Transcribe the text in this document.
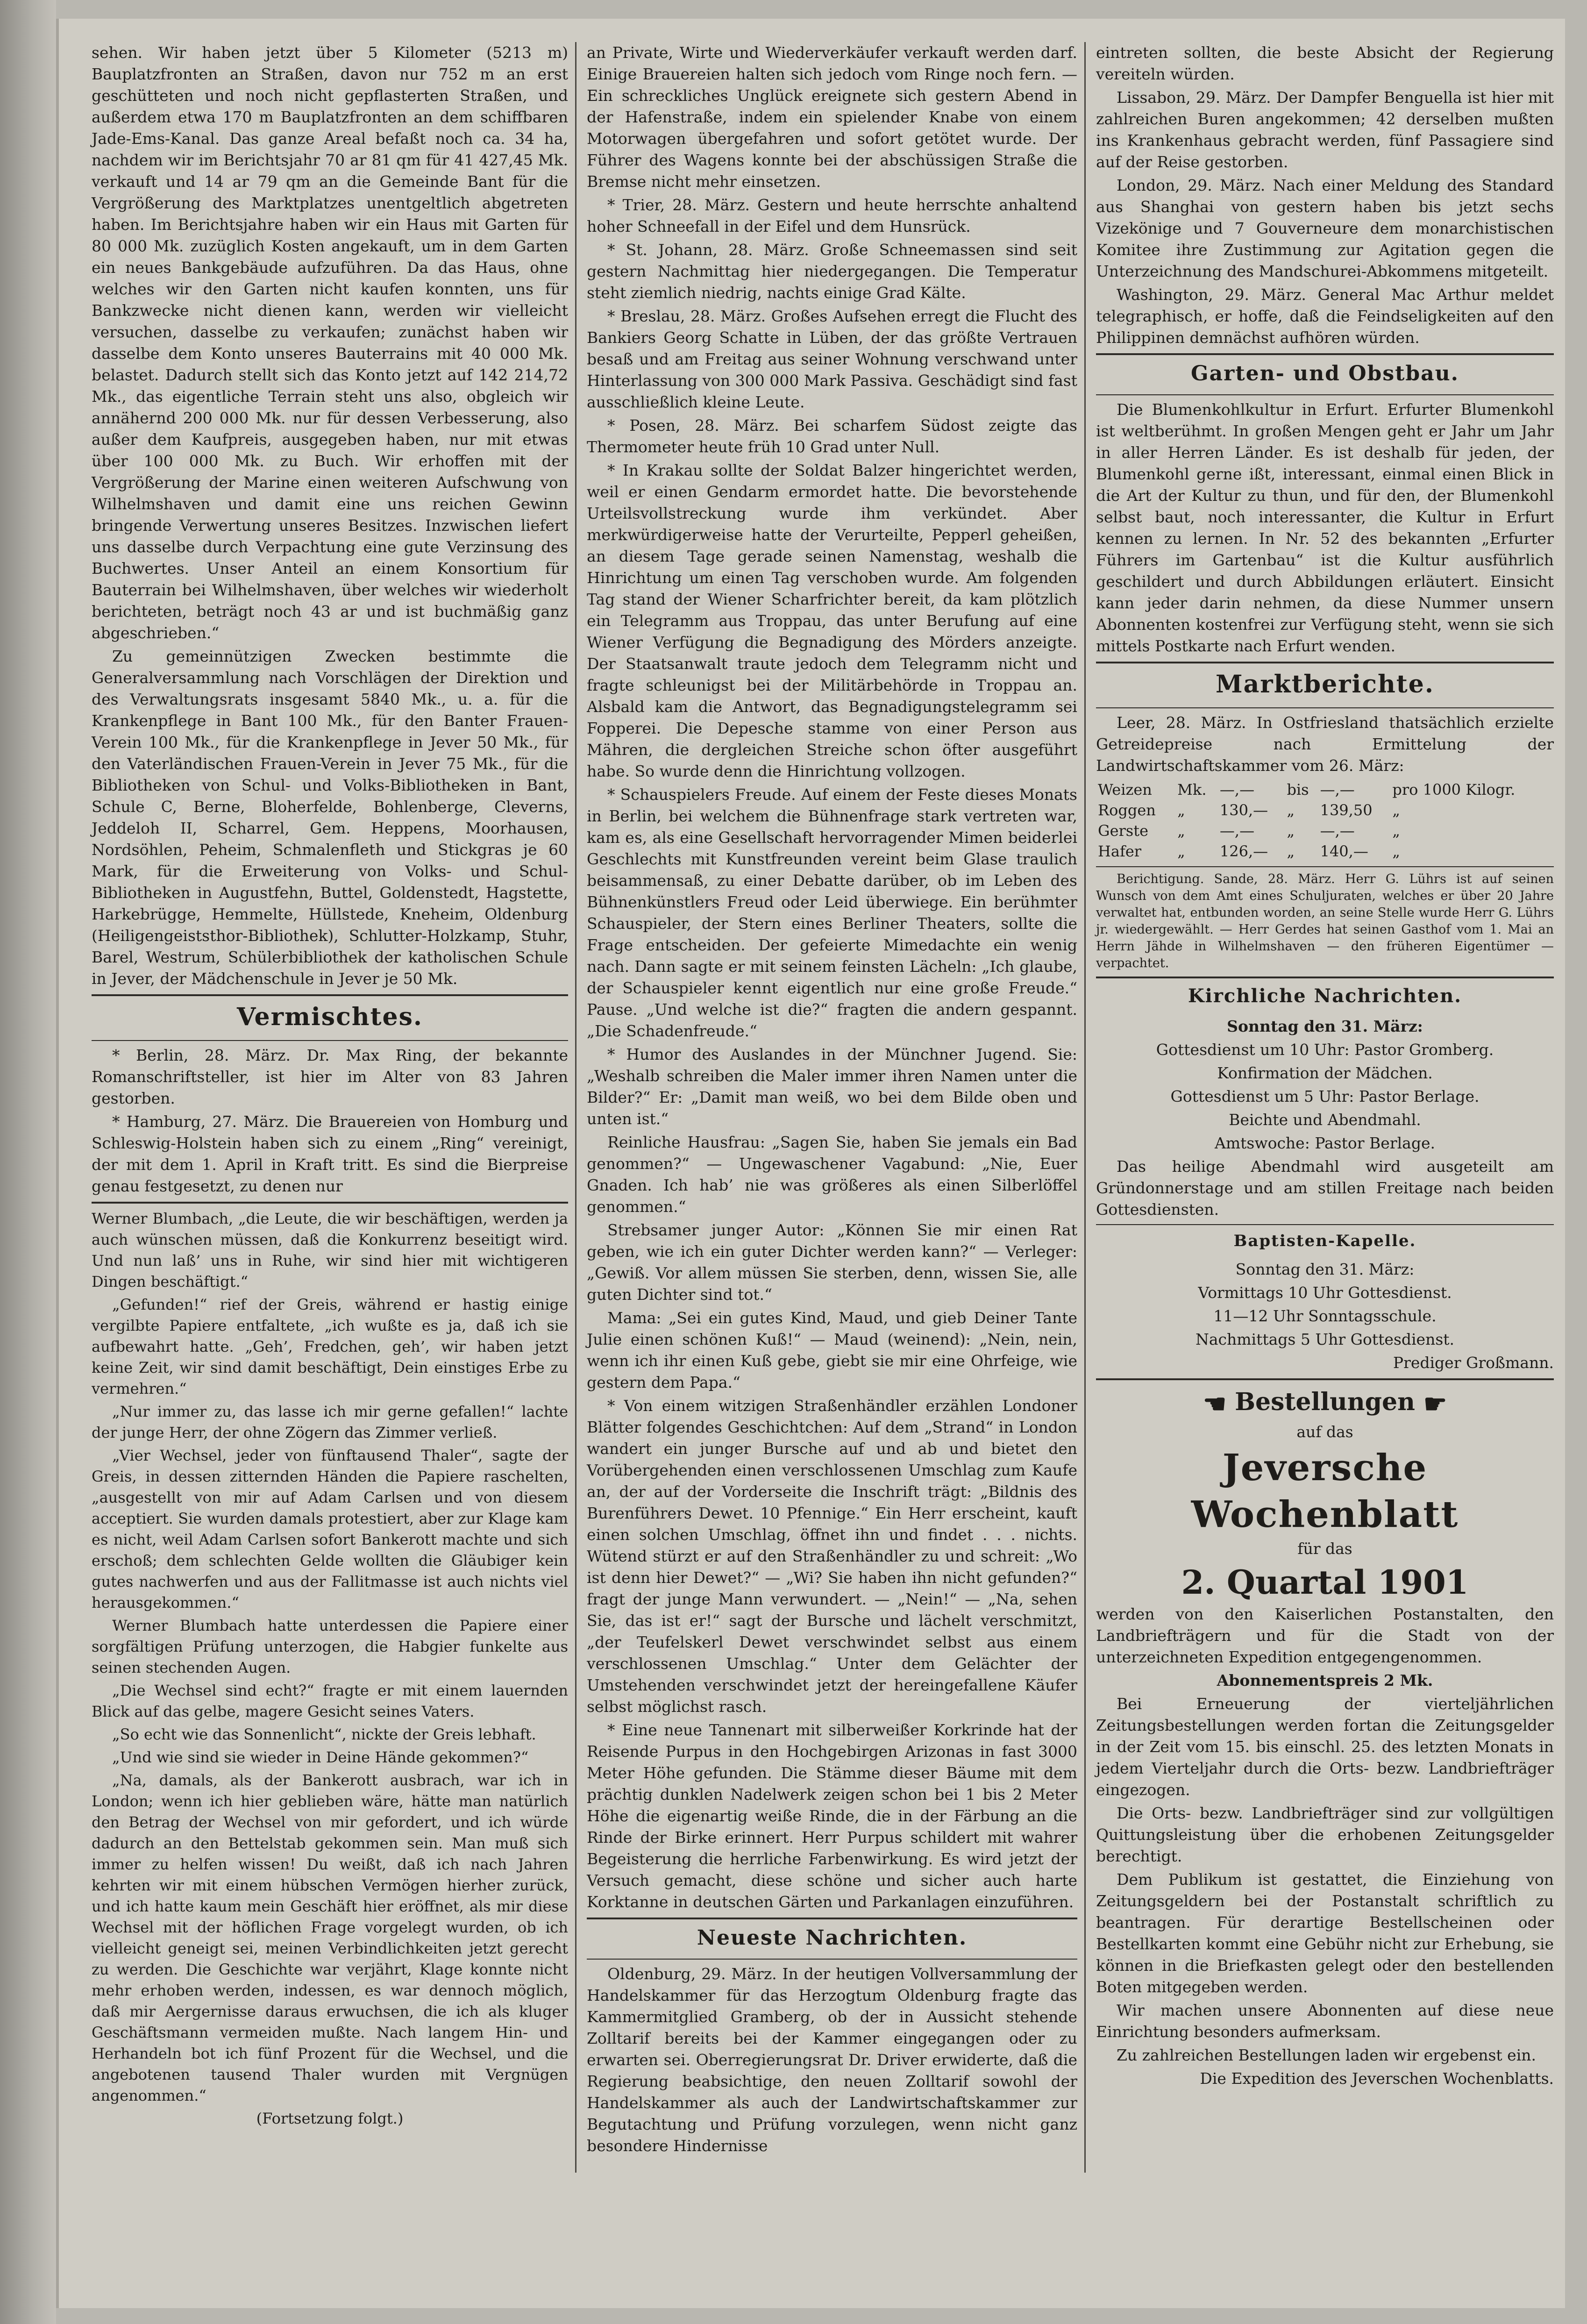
sehen. Wir haben jetzt über 5 Kilometer (5213 m) Bauplatzfronten an Straßen, davon nur 752 m an erst geschütteten und noch nicht gepflasterten Straßen, und außerdem etwa 170 m Bauplatzfronten an dem schiffbaren Jade-Ems-Kanal. Das ganze Areal befaßt noch ca. 34 ha, nachdem wir im Berichtsjahr 70 ar 81 qm für 41 427,45 Mk. verkauft und 14 ar 79 qm an die Gemeinde Bant für die Vergrößerung des Marktplatzes unentgeltlich abgetreten haben. Im Berichtsjahre haben wir ein Haus mit Garten für 80 000 Mk. zuzüglich Kosten angekauft, um in dem Garten ein neues Bankgebäude aufzuführen. Da das Haus, ohne welches wir den Garten nicht kaufen konnten, uns für Bankzwecke nicht dienen kann, werden wir vielleicht versuchen, dasselbe zu verkaufen; zunächst haben wir dasselbe dem Konto unseres Bauterrains mit 40 000 Mk. belastet. Dadurch stellt sich das Konto jetzt auf 142 214,72 Mk., das eigentliche Terrain steht uns also, obgleich wir annähernd 200 000 Mk. nur für dessen Verbesserung, also außer dem Kaufpreis, ausgegeben haben, nur mit etwas über 100 000 Mk. zu Buch. Wir erhoffen mit der Vergrößerung der Marine einen weiteren Aufschwung von Wilhelmshaven und damit eine uns reichen Gewinn bringende Verwertung unseres Besitzes. Inzwischen liefert uns dasselbe durch Verpachtung eine gute Verzinsung des Buchwertes. Unser Anteil an einem Konsortium für Bauterrain bei Wilhelmshaven, über welches wir wiederholt berichteten, beträgt noch 43 ar und ist buchmäßig ganz abgeschrieben.“

Zu gemeinnützigen Zwecken bestimmte die Generalversammlung nach Vorschlägen der Direktion und des Verwaltungsrats insgesamt 5840 Mk., u. a. für die Krankenpflege in Bant 100 Mk., für den Banter Frauen-Verein 100 Mk., für die Krankenpflege in Jever 50 Mk., für den Vaterländischen Frauen-Verein in Jever 75 Mk., für die Bibliotheken von Schul- und Volks-Bibliotheken in Bant, Schule C, Berne, Bloherfelde, Bohlenberge, Cleverns, Jeddeloh II, Scharrel, Gem. Heppens, Moorhausen, Nordsöhlen, Peheim, Schmalenfleth und Stickgras je 60 Mark, für die Erweiterung von Volks- und Schul-Bibliotheken in Augustfehn, Buttel, Goldenstedt, Hagstette, Harkebrügge, Hemmelte, Hüllstede, Kneheim, Oldenburg (Heiligengeiststhor-Bibliothek), Schlutter-Holzkamp, Stuhr, Barel, Westrum, Schülerbibliothek der katholischen Schule in Jever, der Mädchenschule in Jever je 50 Mk.

Vermischtes.

* Berlin, 28. März. Dr. Max Ring, der bekannte Romanschriftsteller, ist hier im Alter von 83 Jahren gestorben.

* Hamburg, 27. März. Die Brauereien von Homburg und Schleswig-Holstein haben sich zu einem „Ring“ vereinigt, der mit dem 1. April in Kraft tritt. Es sind die Bierpreise genau festgesetzt, zu denen nur

Werner Blumbach, „die Leute, die wir beschäftigen, werden ja auch wünschen müssen, daß die Konkurrenz beseitigt wird. Und nun laß’ uns in Ruhe, wir sind hier mit wichtigeren Dingen beschäftigt.“

„Gefunden!“ rief der Greis, während er hastig einige vergilbte Papiere entfaltete, „ich wußte es ja, daß ich sie aufbewahrt hatte. „Geh’, Fredchen, geh’, wir haben jetzt keine Zeit, wir sind damit beschäftigt, Dein einstiges Erbe zu vermehren.“

„Nur immer zu, das lasse ich mir gerne gefallen!“ lachte der junge Herr, der ohne Zögern das Zimmer verließ.

„Vier Wechsel, jeder von fünftausend Thaler“, sagte der Greis, in dessen zitternden Händen die Papiere raschelten, „ausgestellt von mir auf Adam Carlsen und von diesem acceptiert. Sie wurden damals protestiert, aber zur Klage kam es nicht, weil Adam Carlsen sofort Bankerott machte und sich erschoß; dem schlechten Gelde wollten die Gläubiger kein gutes nachwerfen und aus der Fallitmasse ist auch nichts viel herausgekommen.“

Werner Blumbach hatte unterdessen die Papiere einer sorgfältigen Prüfung unterzogen, die Habgier funkelte aus seinen stechenden Augen.

„Die Wechsel sind echt?“ fragte er mit einem lauernden Blick auf das gelbe, magere Gesicht seines Vaters.

„So echt wie das Sonnenlicht“, nickte der Greis lebhaft.

„Und wie sind sie wieder in Deine Hände gekommen?“

„Na, damals, als der Bankerott ausbrach, war ich in London; wenn ich hier geblieben wäre, hätte man natürlich den Betrag der Wechsel von mir gefordert, und ich würde dadurch an den Bettelstab gekommen sein. Man muß sich immer zu helfen wissen! Du weißt, daß ich nach Jahren kehrten wir mit einem hübschen Vermögen hierher zurück, und ich hatte kaum mein Geschäft hier eröffnet, als mir diese Wechsel mit der höflichen Frage vorgelegt wurden, ob ich vielleicht geneigt sei, meinen Verbindlichkeiten jetzt gerecht zu werden. Die Geschichte war verjährt, Klage konnte nicht mehr erhoben werden, indessen, es war dennoch möglich, daß mir Aergernisse daraus erwuchsen, die ich als kluger Geschäftsmann vermeiden mußte. Nach langem Hin- und Herhandeln bot ich fünf Prozent für die Wechsel, und die angebotenen tausend Thaler wurden mit Vergnügen angenommen.“

(Fortsetzung folgt.)

an Private, Wirte und Wiederverkäufer verkauft werden darf. Einige Brauereien halten sich jedoch vom Ringe noch fern. — Ein schreckliches Unglück ereignete sich gestern Abend in der Hafenstraße, indem ein spielender Knabe von einem Motorwagen übergefahren und sofort getötet wurde. Der Führer des Wagens konnte bei der abschüssigen Straße die Bremse nicht mehr einsetzen.

* Trier, 28. März. Gestern und heute herrschte anhaltend hoher Schneefall in der Eifel und dem Hunsrück.

* St. Johann, 28. März. Große Schneemassen sind seit gestern Nachmittag hier niedergegangen. Die Temperatur steht ziemlich niedrig, nachts einige Grad Kälte.

* Breslau, 28. März. Großes Aufsehen erregt die Flucht des Bankiers Georg Schatte in Lüben, der das größte Vertrauen besaß und am Freitag aus seiner Wohnung verschwand unter Hinterlassung von 300 000 Mark Passiva. Geschädigt sind fast ausschließlich kleine Leute.

* Posen, 28. März. Bei scharfem Südost zeigte das Thermometer heute früh 10 Grad unter Null.

* In Krakau sollte der Soldat Balzer hingerichtet werden, weil er einen Gendarm ermordet hatte. Die bevorstehende Urteilsvollstreckung wurde ihm verkündet. Aber merkwürdigerweise hatte der Verurteilte, Pepperl geheißen, an diesem Tage gerade seinen Namenstag, weshalb die Hinrichtung um einen Tag verschoben wurde. Am folgenden Tag stand der Wiener Scharfrichter bereit, da kam plötzlich ein Telegramm aus Troppau, das unter Berufung auf eine Wiener Verfügung die Begnadigung des Mörders anzeigte. Der Staatsanwalt traute jedoch dem Telegramm nicht und fragte schleunigst bei der Militärbehörde in Troppau an. Alsbald kam die Antwort, das Begnadigungstelegramm sei Fopperei. Die Depesche stamme von einer Person aus Mähren, die dergleichen Streiche schon öfter ausgeführt habe. So wurde denn die Hinrichtung vollzogen.

* Schauspielers Freude. Auf einem der Feste dieses Monats in Berlin, bei welchem die Bühnenfrage stark vertreten war, kam es, als eine Gesellschaft hervorragender Mimen beiderlei Geschlechts mit Kunstfreunden vereint beim Glase traulich beisammensaß, zu einer Debatte darüber, ob im Leben des Bühnenkünstlers Freud oder Leid überwiege. Ein berühmter Schauspieler, der Stern eines Berliner Theaters, sollte die Frage entscheiden. Der gefeierte Mimedachte ein wenig nach. Dann sagte er mit seinem feinsten Lächeln: „Ich glaube, der Schauspieler kennt eigentlich nur eine große Freude.“ Pause. „Und welche ist die?“ fragten die andern gespannt. „Die Schadenfreude.“

* Humor des Auslandes in der Münchner Jugend. Sie: „Weshalb schreiben die Maler immer ihren Namen unter die Bilder?“ Er: „Damit man weiß, wo bei dem Bilde oben und unten ist.“

Reinliche Hausfrau: „Sagen Sie, haben Sie jemals ein Bad genommen?“ — Ungewaschener Vagabund: „Nie, Euer Gnaden. Ich hab’ nie was größeres als einen Silberlöffel genommen.“

Strebsamer junger Autor: „Können Sie mir einen Rat geben, wie ich ein guter Dichter werden kann?“ — Verleger: „Gewiß. Vor allem müssen Sie sterben, denn, wissen Sie, alle guten Dichter sind tot.“

Mama: „Sei ein gutes Kind, Maud, und gieb Deiner Tante Julie einen schönen Kuß!“ — Maud (weinend): „Nein, nein, wenn ich ihr einen Kuß gebe, giebt sie mir eine Ohrfeige, wie gestern dem Papa.“

* Von einem witzigen Straßenhändler erzählen Londoner Blätter folgendes Geschichtchen: Auf dem „Strand“ in London wandert ein junger Bursche auf und ab und bietet den Vorübergehenden einen verschlossenen Umschlag zum Kaufe an, der auf der Vorderseite die Inschrift trägt: „Bildnis des Burenführers Dewet. 10 Pfennige.“ Ein Herr erscheint, kauft einen solchen Umschlag, öffnet ihn und findet . . . nichts. Wütend stürzt er auf den Straßenhändler zu und schreit: „Wo ist denn hier Dewet?“ — „Wi? Sie haben ihn nicht gefunden?“ fragt der junge Mann verwundert. — „Nein!“ — „Na, sehen Sie, das ist er!“ sagt der Bursche und lächelt verschmitzt, „der Teufelskerl Dewet verschwindet selbst aus einem verschlossenen Umschlag.“ Unter dem Gelächter der Umstehenden verschwindet jetzt der hereingefallene Käufer selbst möglichst rasch.

* Eine neue Tannenart mit silberweißer Korkrinde hat der Reisende Purpus in den Hochgebirgen Arizonas in fast 3000 Meter Höhe gefunden. Die Stämme dieser Bäume mit dem prächtig dunklen Nadelwerk zeigen schon bei 1 bis 2 Meter Höhe die eigenartig weiße Rinde, die in der Färbung an die Rinde der Birke erinnert. Herr Purpus schildert mit wahrer Begeisterung die herrliche Farbenwirkung. Es wird jetzt der Versuch gemacht, diese schöne und sicher auch harte Korktanne in deutschen Gärten und Parkanlagen einzuführen.

Neueste Nachrichten.

Oldenburg, 29. März. In der heutigen Vollversammlung der Handelskammer für das Herzogtum Oldenburg fragte das Kammermitglied Gramberg, ob der in Aussicht stehende Zolltarif bereits bei der Kammer eingegangen oder zu erwarten sei. Oberregierungsrat Dr. Driver erwiderte, daß die Regierung beabsichtige, den neuen Zolltarif sowohl der Handelskammer als auch der Landwirtschaftskammer zur Begutachtung und Prüfung vorzulegen, wenn nicht ganz besondere Hindernisse

eintreten sollten, die beste Absicht der Regierung vereiteln würden.

Lissabon, 29. März. Der Dampfer Benguella ist hier mit zahlreichen Buren angekommen; 42 derselben mußten ins Krankenhaus gebracht werden, fünf Passagiere sind auf der Reise gestorben.

London, 29. März. Nach einer Meldung des Standard aus Shanghai von gestern haben bis jetzt sechs Vizekönige und 7 Gouverneure dem monarchistischen Komitee ihre Zustimmung zur Agitation gegen die Unterzeichnung des Mandschurei-Abkommens mitgeteilt.

Washington, 29. März. General Mac Arthur meldet telegraphisch, er hoffe, daß die Feindseligkeiten auf den Philippinen demnächst aufhören würden.

Garten- und Obstbau.

Die Blumenkohlkultur in Erfurt. Erfurter Blumenkohl ist weltberühmt. In großen Mengen geht er Jahr um Jahr in aller Herren Länder. Es ist deshalb für jeden, der Blumenkohl gerne ißt, interessant, einmal einen Blick in die Art der Kultur zu thun, und für den, der Blumenkohl selbst baut, noch interessanter, die Kultur in Erfurt kennen zu lernen. In Nr. 52 des bekannten „Erfurter Führers im Gartenbau“ ist die Kultur ausführlich geschildert und durch Abbildungen erläutert. Einsicht kann jeder darin nehmen, da diese Nummer unsern Abonnenten kostenfrei zur Verfügung steht, wenn sie sich mittels Postkarte nach Erfurt wenden.

Marktberichte.

Leer, 28. März. In Ostfriesland thatsächlich erzielte Getreidepreise nach Ermittelung der Landwirtschaftskammer vom 26. März:

Weizen	Mk.	—,—	bis	—,—	pro 1000 Kilogr.
Roggen	„	130,—	„	139,50	„
Gerste	„	—,—	„	—,—	„
Hafer	„	126,—	„	140,—	„

Berichtigung. Sande, 28. März. Herr G. Lührs ist auf seinen Wunsch von dem Amt eines Schuljuraten, welches er über 20 Jahre verwaltet hat, entbunden worden, an seine Stelle wurde Herr G. Lührs jr. wiedergewählt. — Herr Gerdes hat seinen Gasthof vom 1. Mai an Herrn Jähde in Wilhelmshaven — den früheren Eigentümer — verpachtet.

Kirchliche Nachrichten.

Sonntag den 31. März:

Gottesdienst um 10 Uhr: Pastor Gromberg.

Konfirmation der Mädchen.

Gottesdienst um 5 Uhr: Pastor Berlage.

Beichte und Abendmahl.

Amtswoche: Pastor Berlage.

Das heilige Abendmahl wird ausgeteilt am Gründonnerstage und am stillen Freitage nach beiden Gottesdiensten.

Baptisten-Kapelle.

Sonntag den 31. März:

Vormittags 10 Uhr Gottesdienst.

11—12 Uhr Sonntagsschule.

Nachmittags 5 Uhr Gottesdienst.

Prediger Großmann.

☛ Bestellungen ☛

auf das

Jeversche Wochenblatt

für das

2. Quartal 1901

werden von den Kaiserlichen Postanstalten, den Landbriefträgern und für die Stadt von der unterzeichneten Expedition entgegengenommen.

Abonnementspreis 2 Mk.

Bei Erneuerung der vierteljährlichen Zeitungsbestellungen werden fortan die Zeitungsgelder in der Zeit vom 15. bis einschl. 25. des letzten Monats in jedem Vierteljahr durch die Orts- bezw. Landbriefträger eingezogen.

Die Orts- bezw. Landbriefträger sind zur vollgültigen Quittungsleistung über die erhobenen Zeitungsgelder berechtigt.

Dem Publikum ist gestattet, die Einziehung von Zeitungsgeldern bei der Postanstalt schriftlich zu beantragen. Für derartige Bestellscheinen oder Bestellkarten kommt eine Gebühr nicht zur Erhebung, sie können in die Briefkasten gelegt oder den bestellenden Boten mitgegeben werden.

Wir machen unsere Abonnenten auf diese neue Einrichtung besonders aufmerksam.

Zu zahlreichen Bestellungen laden wir ergebenst ein.

Die Expedition des Jeverschen Wochenblatts.
